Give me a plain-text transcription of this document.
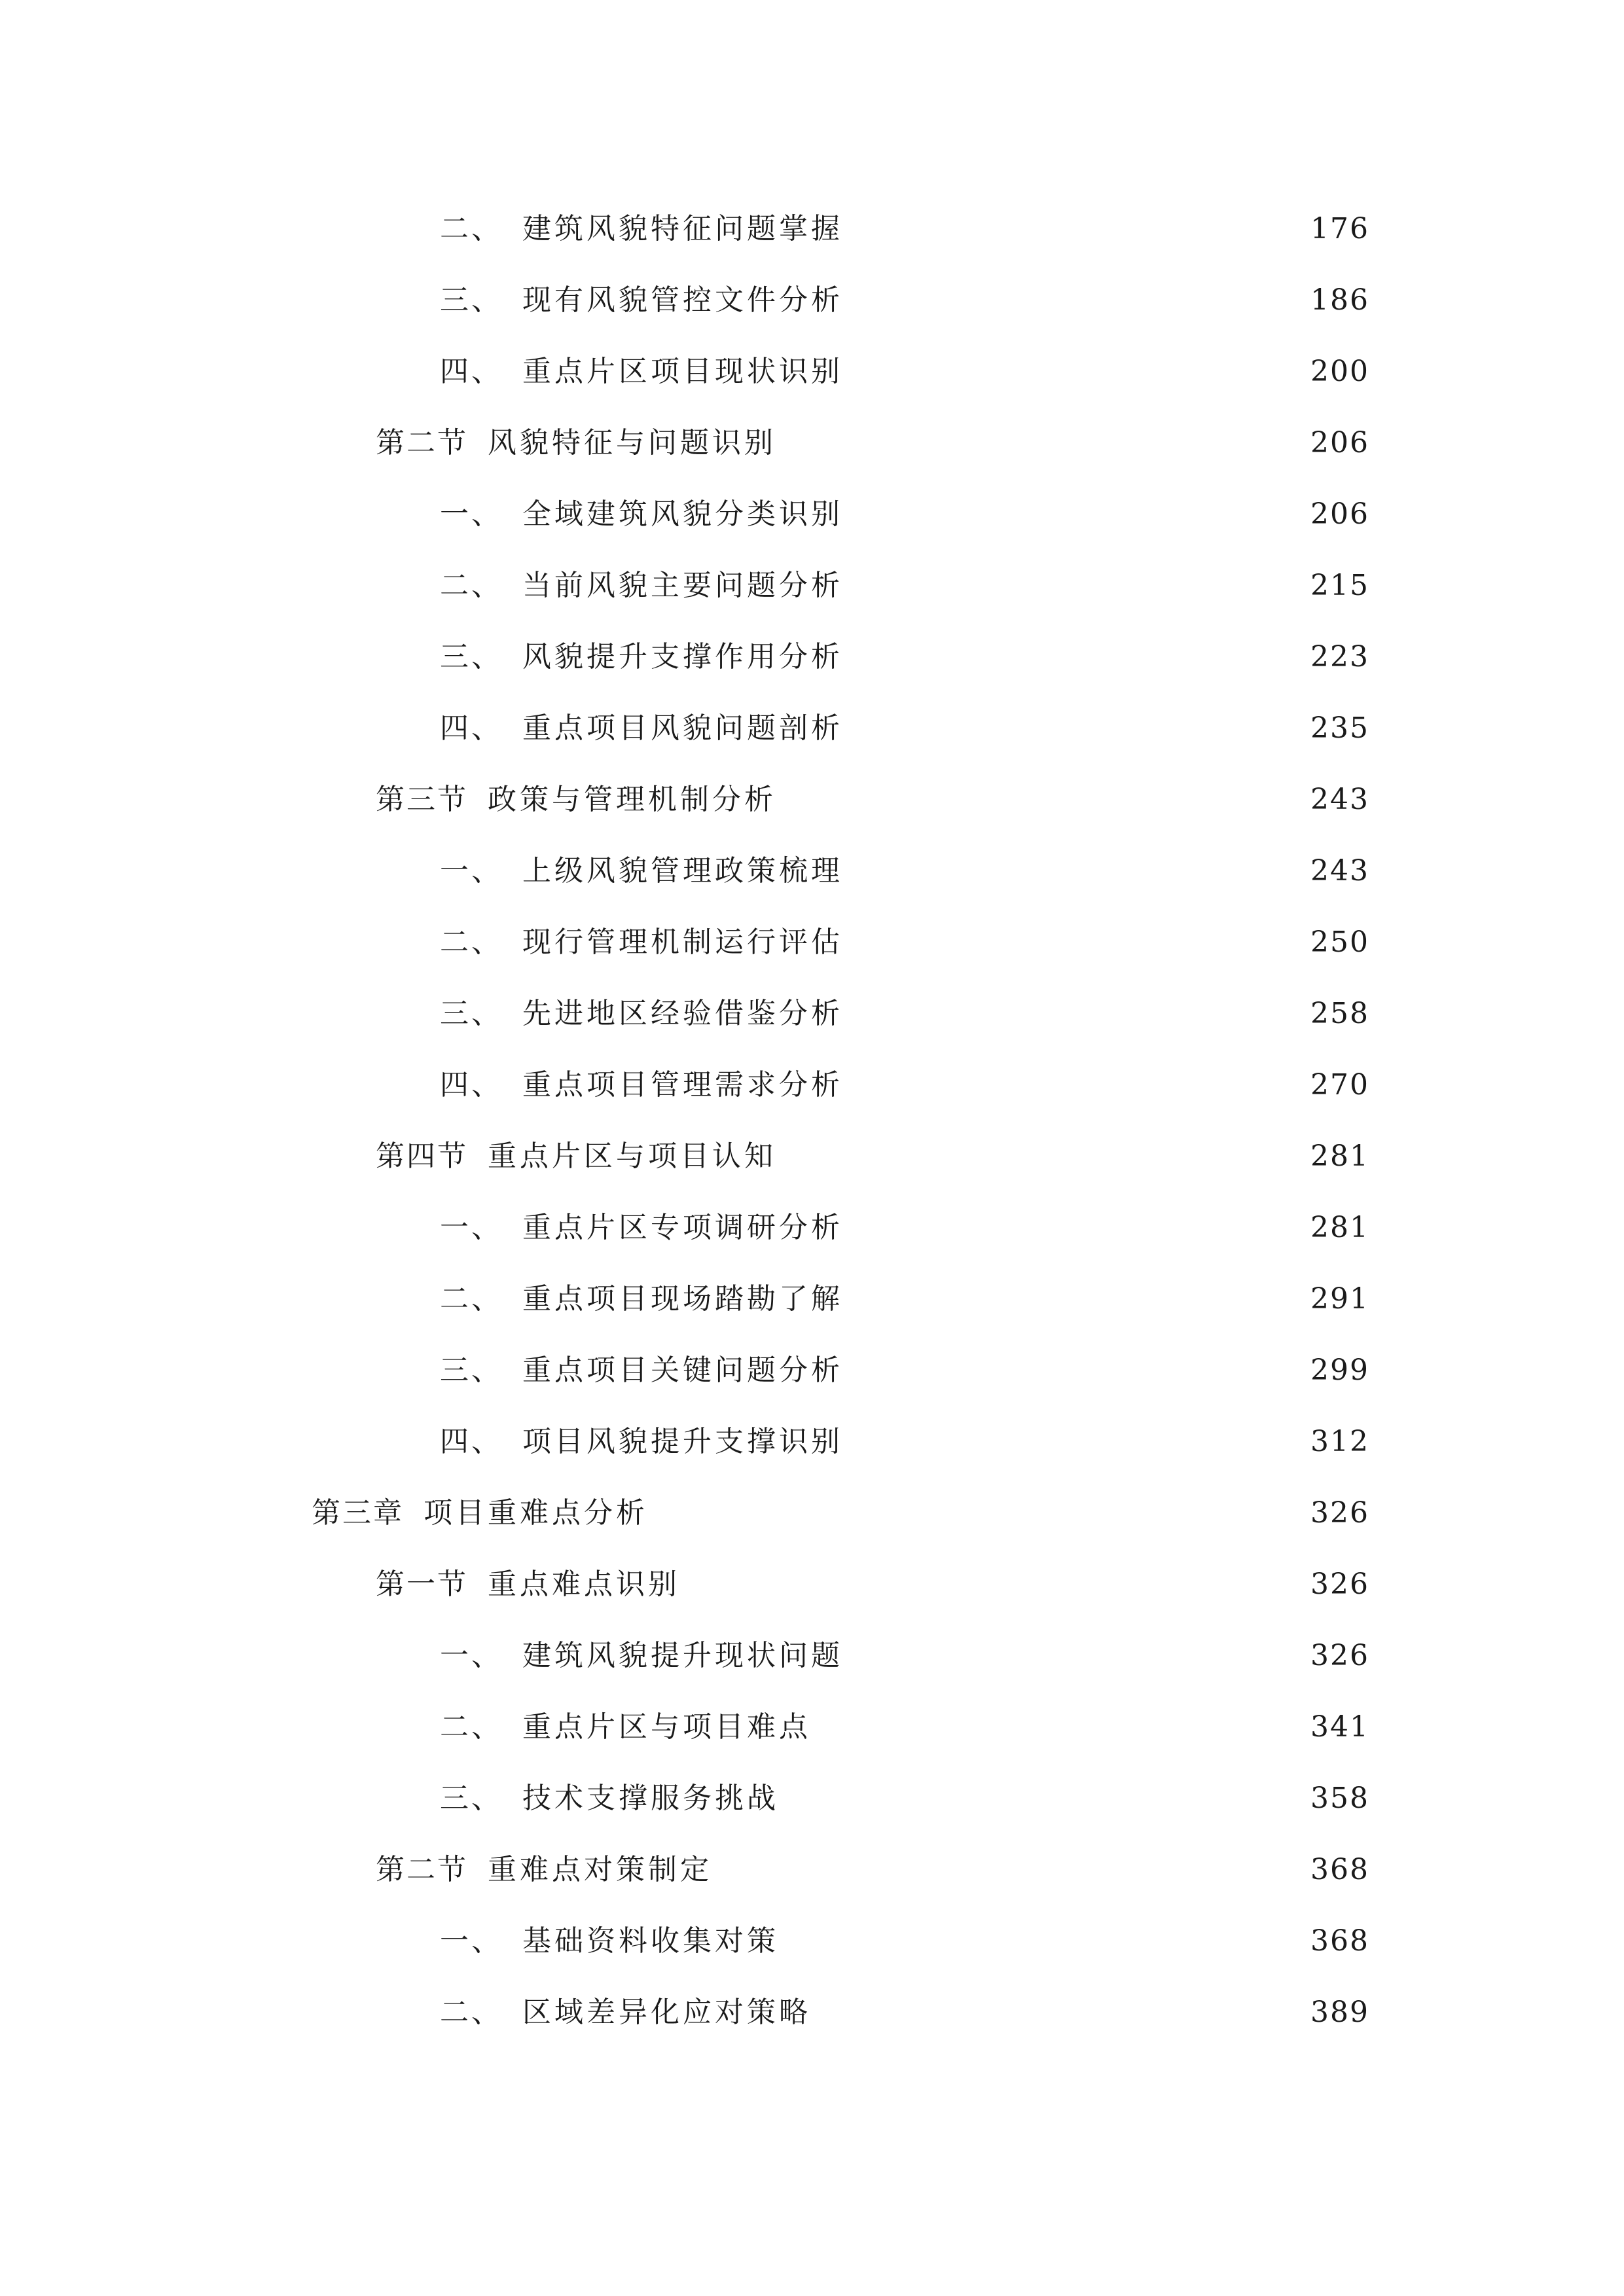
二、 建筑风貌特征问题掌握	176
三、 现有风貌管控文件分析	186
四、 重点片区项目现状识别	200
第二节 风貌特征与问题识别	206
一、 全域建筑风貌分类识别	206
二、 当前风貌主要问题分析	215
三、 风貌提升支撑作用分析	223
四、 重点项目风貌问题剖析	235
第三节 政策与管理机制分析	243
一、 上级风貌管理政策梳理	243
二、 现行管理机制运行评估	250
三、 先进地区经验借鉴分析	258
四、 重点项目管理需求分析	270
第四节 重点片区与项目认知	281
一、 重点片区专项调研分析	281
二、 重点项目现场踏勘了解	291
三、 重点项目关键问题分析	299
四、 项目风貌提升支撑识别	312
第三章 项目重难点分析	326
第一节 重点难点识别	326
一、 建筑风貌提升现状问题	326
二、 重点片区与项目难点	341
三、 技术支撑服务挑战	358
第二节 重难点对策制定	368
一、 基础资料收集对策	368
二、 区域差异化应对策略	389
